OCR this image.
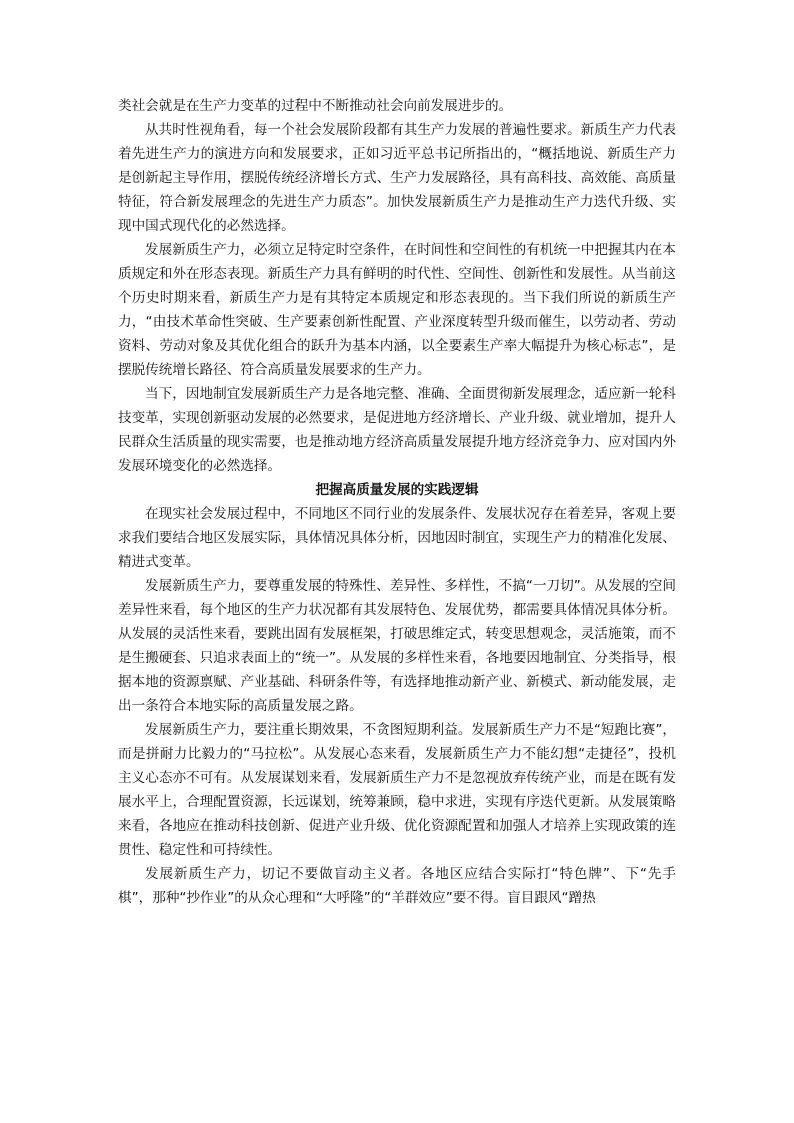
类社会就是在生产力变革的过程中不断推动社会向前发展进步的。

从共时性视角看，每一个社会发展阶段都有其生产力发展的普遍性要求。新质生产力代表着先进生产力的演进方向和发展要求，正如习近平总书记所指出的，“概括地说、新质生产力是创新起主导作用，摆脱传统经济增长方式、生产力发展路径，具有高科技、高效能、高质量特征，符合新发展理念的先进生产力质态”。加快发展新质生产力是推动生产力迭代升级、实现中国式现代化的必然选择。

发展新质生产力，必须立足特定时空条件，在时间性和空间性的有机统一中把握其内在本质规定和外在形态表现。新质生产力具有鲜明的时代性、空间性、创新性和发展性。从当前这个历史时期来看，新质生产力是有其特定本质规定和形态表现的。当下我们所说的新质生产力，“由技术革命性突破、生产要素创新性配置、产业深度转型升级而催生，以劳动者、劳动资料、劳动对象及其优化组合的跃升为基本内涵，以全要素生产率大幅提升为核心标志”，是摆脱传统增长路径、符合高质量发展要求的生产力。

当下，因地制宜发展新质生产力是各地完整、准确、全面贯彻新发展理念，适应新一轮科技变革，实现创新驱动发展的必然要求，是促进地方经济增长、产业升级、就业增加，提升人民群众生活质量的现实需要，也是推动地方经济高质量发展提升地方经济竞争力、应对国内外发展环境变化的必然选择。

把握高质量发展的实践逻辑

在现实社会发展过程中，不同地区不同行业的发展条件、发展状况存在着差异，客观上要求我们要结合地区发展实际，具体情况具体分析，因地因时制宜，实现生产力的精准化发展、精进式变革。

发展新质生产力，要尊重发展的特殊性、差异性、多样性，不搞“一刀切”。从发展的空间差异性来看，每个地区的生产力状况都有其发展特色、发展优势，都需要具体情况具体分析。从发展的灵活性来看，要跳出固有发展框架，打破思维定式，转变思想观念，灵活施策，而不是生搬硬套、只追求表面上的“统一”。从发展的多样性来看，各地要因地制宜、分类指导，根据本地的资源禀赋、产业基础、科研条件等，有选择地推动新产业、新模式、新动能发展，走出一条符合本地实际的高质量发展之路。

发展新质生产力，要注重长期效果，不贪图短期利益。发展新质生产力不是“短跑比赛”，而是拼耐力比毅力的“马拉松”。从发展心态来看，发展新质生产力不能幻想“走捷径”，投机主义心态亦不可有。从发展谋划来看，发展新质生产力不是忽视放弃传统产业，而是在既有发展水平上，合理配置资源，长远谋划，统筹兼顾，稳中求进，实现有序迭代更新。从发展策略来看，各地应在推动科技创新、促进产业升级、优化资源配置和加强人才培养上实现政策的连贯性、稳定性和可持续性。

发展新质生产力，切记不要做盲动主义者。各地区应结合实际打“特色牌”、下“先手棋”，那种“抄作业”的从众心理和“大呼隆”的“羊群效应”要不得。盲目跟风“蹭热
